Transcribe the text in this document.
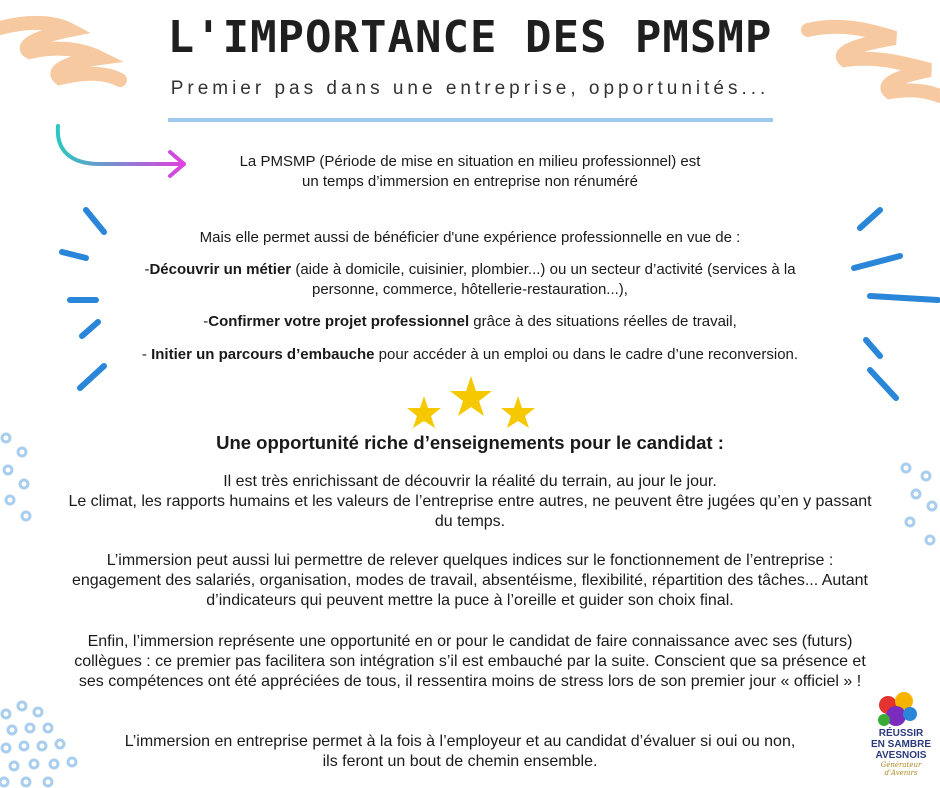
L'IMPORTANCE DES PMSMP
Premier pas dans une entreprise, opportunités...
La PMSMP (Période de mise en situation en milieu professionnel) est
un temps d’immersion en entreprise non rénuméré
Mais elle permet aussi de bénéficier d'une expérience professionnelle en vue de :
-Découvrir un métier (aide à domicile, cuisinier, plombier...) ou un secteur d’activité (services à la
personne, commerce, hôtellerie-restauration...),
-Confirmer votre projet professionnel grâce à des situations réelles de travail,
- Initier un parcours d’embauche pour accéder à un emploi ou dans le cadre d’une reconversion.
Une opportunité riche d’enseignements pour le candidat :
Il est très enrichissant de découvrir la réalité du terrain, au jour le jour.
Le climat, les rapports humains et les valeurs de l’entreprise entre autres, ne peuvent être jugées qu’en y passant
du temps.
L’immersion peut aussi lui permettre de relever quelques indices sur le fonctionnement de l’entreprise :
engagement des salariés, organisation, modes de travail, absentéisme, flexibilité, répartition des tâches... Autant
d’indicateurs qui peuvent mettre la puce à l’oreille et guider son choix final.
Enfin, l’immersion représente une opportunité en or pour le candidat de faire connaissance avec ses (futurs)
collègues : ce premier pas facilitera son intégration s’il est embauché par la suite. Conscient que sa présence et
ses compétences ont été appréciées de tous, il ressentira moins de stress lors de son premier jour « officiel » !
L’immersion en entreprise permet à la fois à l’employeur et au candidat d’évaluer si oui ou non,
ils feront un bout de chemin ensemble.
RÉUSSIR
EN SAMBRE
AVESNOIS
Générateur d'Avenirs
